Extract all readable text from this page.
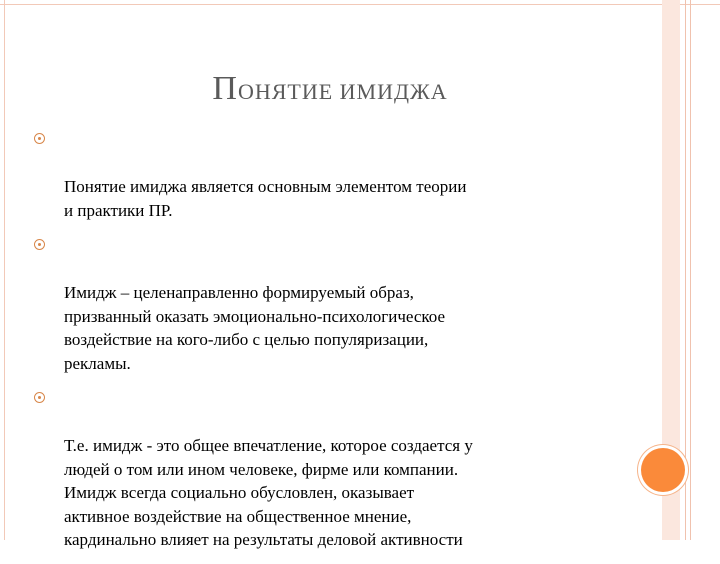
ПОНЯТИЕ ИМИДЖА

Понятие имиджа является основным элементом теории
и практики ПР.

Имидж – целенаправленно формируемый образ,
призванный оказать эмоционально-психологическое
воздействие на кого-либо с целью популяризации,
рекламы.

Т.е. имидж - это общее впечатление, которое создается у
людей о том или ином человеке, фирме или компании.
Имидж всегда социально обусловлен, оказывает
активное воздействие на общественное мнение,
кардинально влияет на результаты деловой активности
